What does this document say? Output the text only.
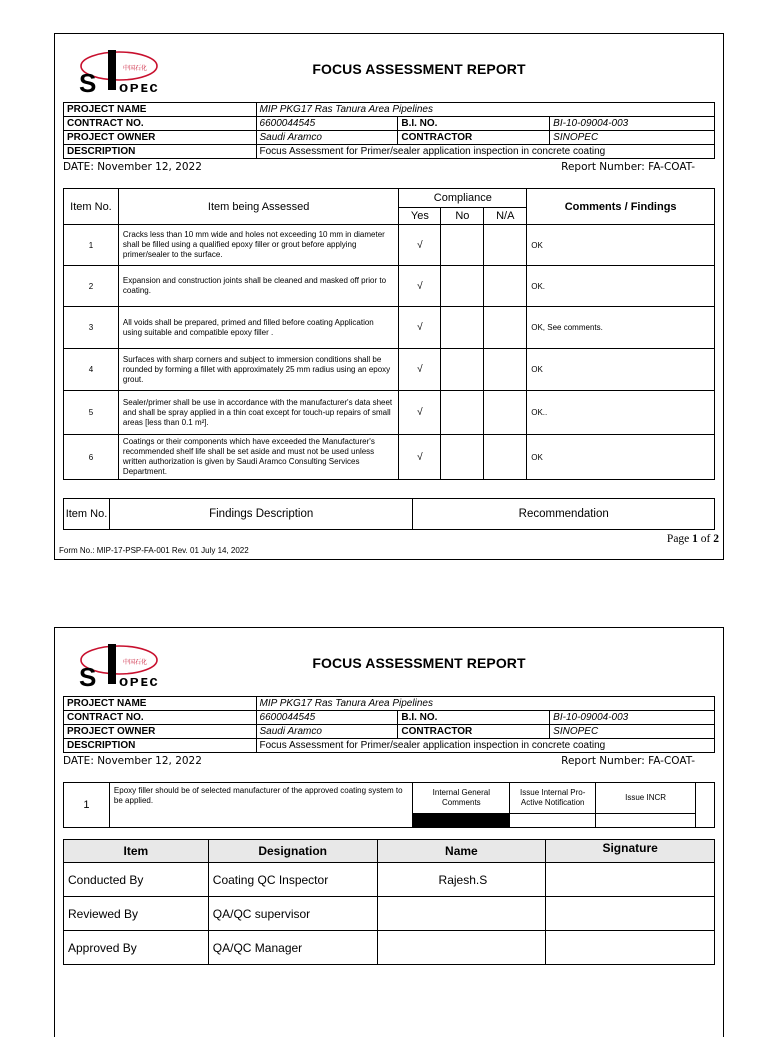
S ᴏᴘᴇᴄ
中国石化	FOCUS ASSESSMENT REPORT
PROJECT NAME	MIP PKG17 Ras Tanura Area Pipelines		
CONTRACT NO.	6600044545	B.I. NO.	BI-10-09004-003
PROJECT OWNER	Saudi Aramco	CONTRACTOR	SINOPEC
DESCRIPTION	Focus Assessment for Primer/sealer application inspection in concrete coating		
DATE: November 12, 2022	Report Number: FA-COAT-
Item No.	Item being Assessed	Compliance			Comments / Findings
		Yes	No	N/A	
1	Cracks less than 10 mm wide and holes not exceeding 10 mm in diameter shall be filled using a qualified epoxy filler or grout before applying primer/sealer to the surface.	√			OK
2	Expansion and construction joints shall be cleaned and masked off prior to coating.	√			OK.
3	All voids shall be prepared, primed and filled before coating Application using suitable and compatible epoxy filler .	√			OK, See comments.
4	Surfaces with sharp corners and subject to immersion conditions shall be rounded by forming a fillet with approximately 25 mm radius using an epoxy grout.	√			OK
5	Sealer/primer shall be use in accordance with the manufacturer's data sheet and shall be spray applied in a thin coat except for touch-up repairs of small areas [less than 0.1 m²].	√			OK..
6	Coatings or their components which have exceeded the Manufacturer's recommended shelf life shall be set aside and must not be used unless written authorization is given by Saudi Aramco Consulting Services Department.	√			OK
Item No.	Findings Description	Recommendation
Page 1 of 2
Form No.: MIP-17-PSP-FA-001 Rev. 01 July 14, 2022
S ᴏᴘᴇᴄ
中国石化	FOCUS ASSESSMENT REPORT
PROJECT NAME	MIP PKG17 Ras Tanura Area Pipelines		
CONTRACT NO.	6600044545	B.I. NO.	BI-10-09004-003
PROJECT OWNER	Saudi Aramco	CONTRACTOR	SINOPEC
DESCRIPTION	Focus Assessment for Primer/sealer application inspection in concrete coating		
DATE: November 12, 2022	Report Number: FA-COAT-
1	Epoxy filler should be of selected manufacturer of the approved coating system to be applied.	Internal General Comments	Issue Internal Pro-Active Notification	Issue INCR	

Item	Designation	Name	Signature
Conducted By	Coating QC Inspector	Rajesh.S	
Reviewed By	QA/QC supervisor		
Approved By	QA/QC Manager		
